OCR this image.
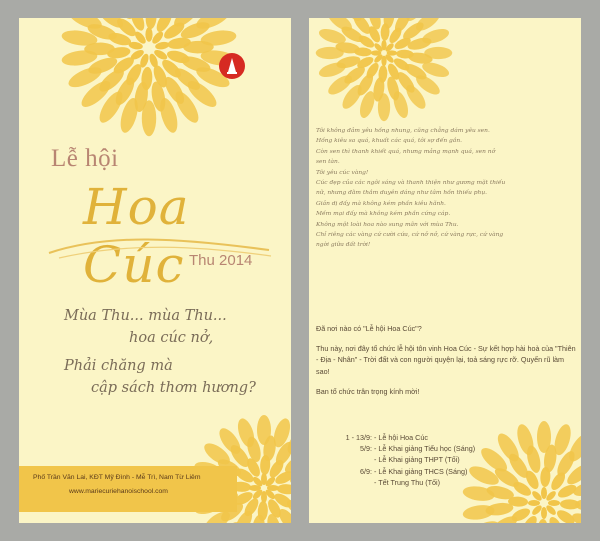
Lễ hội
Hoa Cúc Thu 2014
Mùa Thu... mùa Thu...
hoa cúc nở,
Phải chăng mà
cập sách thơm hương?
Phố Trần Văn Lai, KĐT Mỹ Đình - Mễ Trì, Nam Từ Liêm
www.mariecuriehanoischool.com
Tôi không đảm yêu hồng nhung, cũng chẳng dám yêu sen.
Hồng kiêu sa quá, khuất các quá, tôi sợ đến gần.
Còn sen thì thanh khiết quá, nhưng mảng mạnh quá, sen nở
sen tàn.
Tôi yêu cúc vàng!
Cúc đẹp của các ngôi sáng và thanh thiện như gương mặt thiếu
nữ, nhưng đằm thắm duyên dáng như tâm hồn thiếu phụ.
Giản dị đấy mà không kém phần kiêu hãnh.
Mềm mại đấy mà không kém phần cứng cáp.
Không một loài hoa nào sung mãn với mùa Thu.
Chỉ riêng các vàng cứ cười cứa, cứ nở nở, cứ vàng rực, cứ vàng
ngời giữa đất trời!

Đã nơi nào có "Lễ hội Hoa Cúc"?

Thu này, nơi đây tổ chức lễ hội tôn vinh Hoa Cúc - Sự kết hợp hài hoà của "Thiên - Địa - Nhân" - Trời đất và con người quyện lại, toả sáng rực rỡ. Quyến rũ làm sao!

Ban tổ chức trân trọng kính mời!

1 - 13/9: - Lễ hội Hoa Cúc
5/9: - Lễ Khai giảng Tiểu học (Sáng)
- Lễ Khai giảng THPT (Tối)
6/9: - Lễ Khai giảng THCS (Sáng)
- Tết Trung Thu (Tối)
